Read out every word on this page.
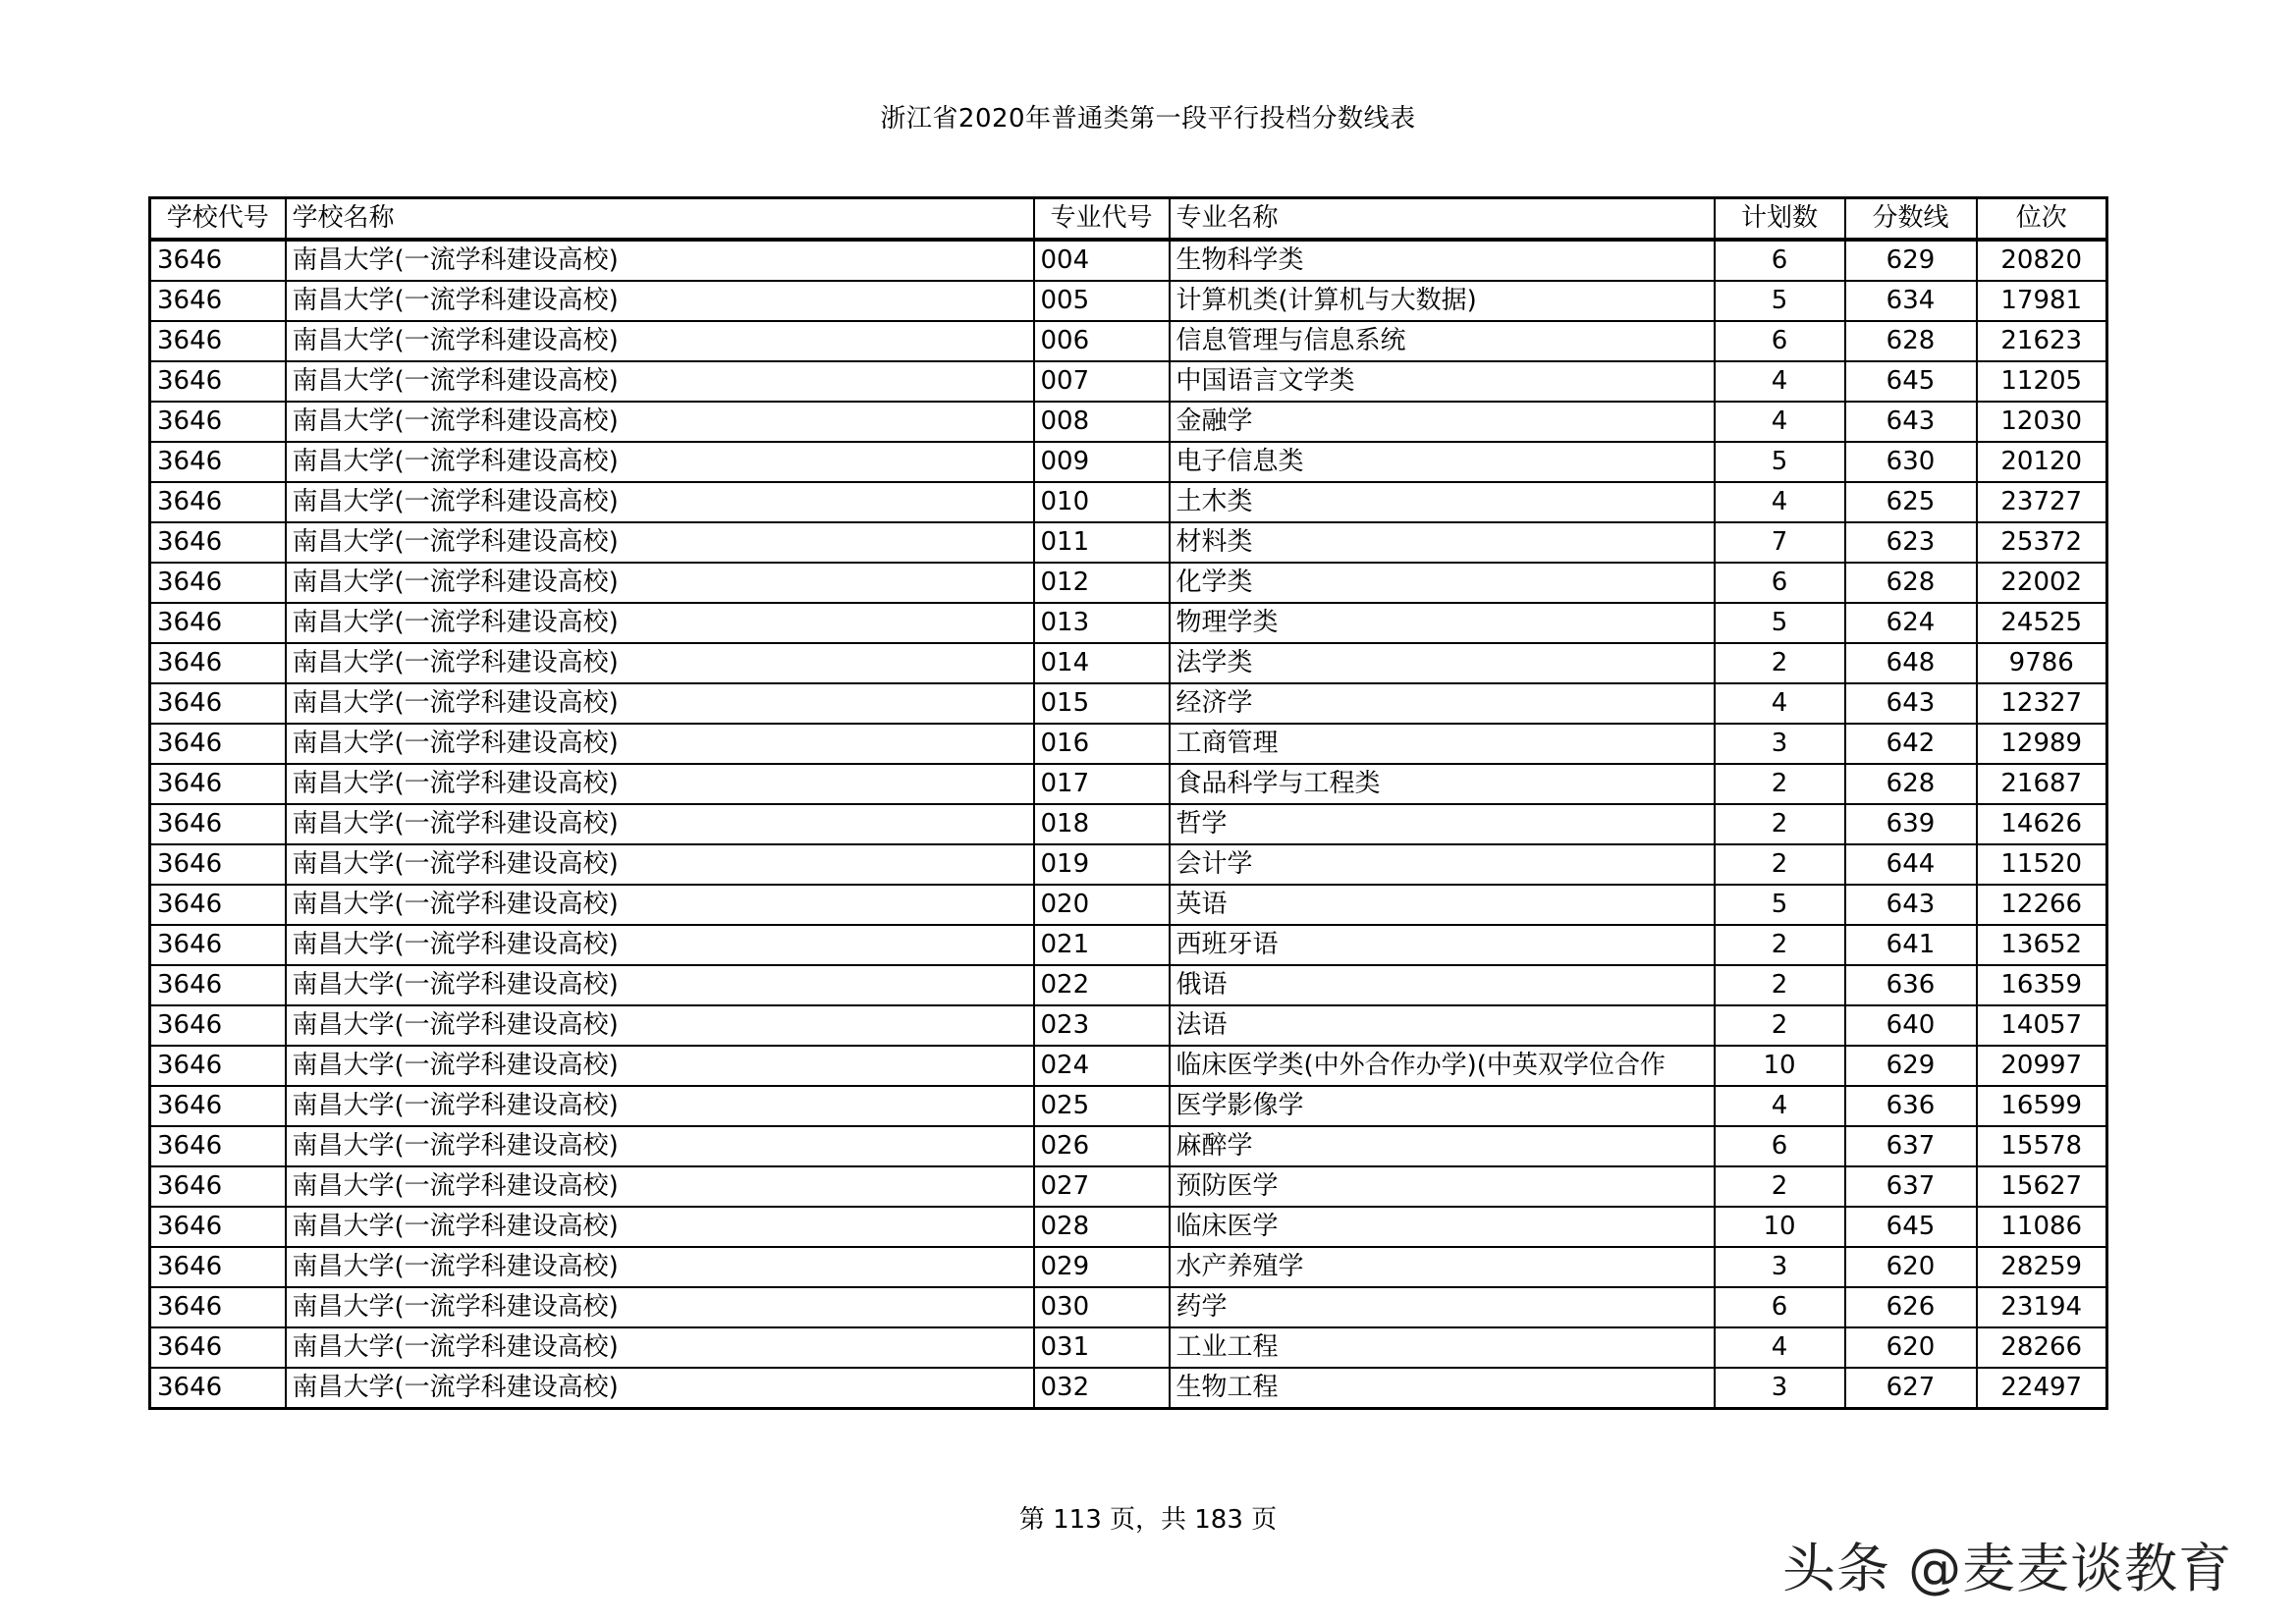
浙江省2020年普通类第一段平行投档分数线表
学校代号	学校名称	专业代号	专业名称	计划数	分数线	位次
3646	南昌大学(一流学科建设高校)	004	生物科学类	6	629	20820
3646	南昌大学(一流学科建设高校)	005	计算机类(计算机与大数据)	5	634	17981
3646	南昌大学(一流学科建设高校)	006	信息管理与信息系统	6	628	21623
3646	南昌大学(一流学科建设高校)	007	中国语言文学类	4	645	11205
3646	南昌大学(一流学科建设高校)	008	金融学	4	643	12030
3646	南昌大学(一流学科建设高校)	009	电子信息类	5	630	20120
3646	南昌大学(一流学科建设高校)	010	土木类	4	625	23727
3646	南昌大学(一流学科建设高校)	011	材料类	7	623	25372
3646	南昌大学(一流学科建设高校)	012	化学类	6	628	22002
3646	南昌大学(一流学科建设高校)	013	物理学类	5	624	24525
3646	南昌大学(一流学科建设高校)	014	法学类	2	648	9786
3646	南昌大学(一流学科建设高校)	015	经济学	4	643	12327
3646	南昌大学(一流学科建设高校)	016	工商管理	3	642	12989
3646	南昌大学(一流学科建设高校)	017	食品科学与工程类	2	628	21687
3646	南昌大学(一流学科建设高校)	018	哲学	2	639	14626
3646	南昌大学(一流学科建设高校)	019	会计学	2	644	11520
3646	南昌大学(一流学科建设高校)	020	英语	5	643	12266
3646	南昌大学(一流学科建设高校)	021	西班牙语	2	641	13652
3646	南昌大学(一流学科建设高校)	022	俄语	2	636	16359
3646	南昌大学(一流学科建设高校)	023	法语	2	640	14057
3646	南昌大学(一流学科建设高校)	024	临床医学类(中外合作办学)(中英双学位合作	10	629	20997
3646	南昌大学(一流学科建设高校)	025	医学影像学	4	636	16599
3646	南昌大学(一流学科建设高校)	026	麻醉学	6	637	15578
3646	南昌大学(一流学科建设高校)	027	预防医学	2	637	15627
3646	南昌大学(一流学科建设高校)	028	临床医学	10	645	11086
3646	南昌大学(一流学科建设高校)	029	水产养殖学	3	620	28259
3646	南昌大学(一流学科建设高校)	030	药学	6	626	23194
3646	南昌大学(一流学科建设高校)	031	工业工程	4	620	28266
3646	南昌大学(一流学科建设高校)	032	生物工程	3	627	22497
第 113 页，共 183 页
头条 @麦麦谈教育
